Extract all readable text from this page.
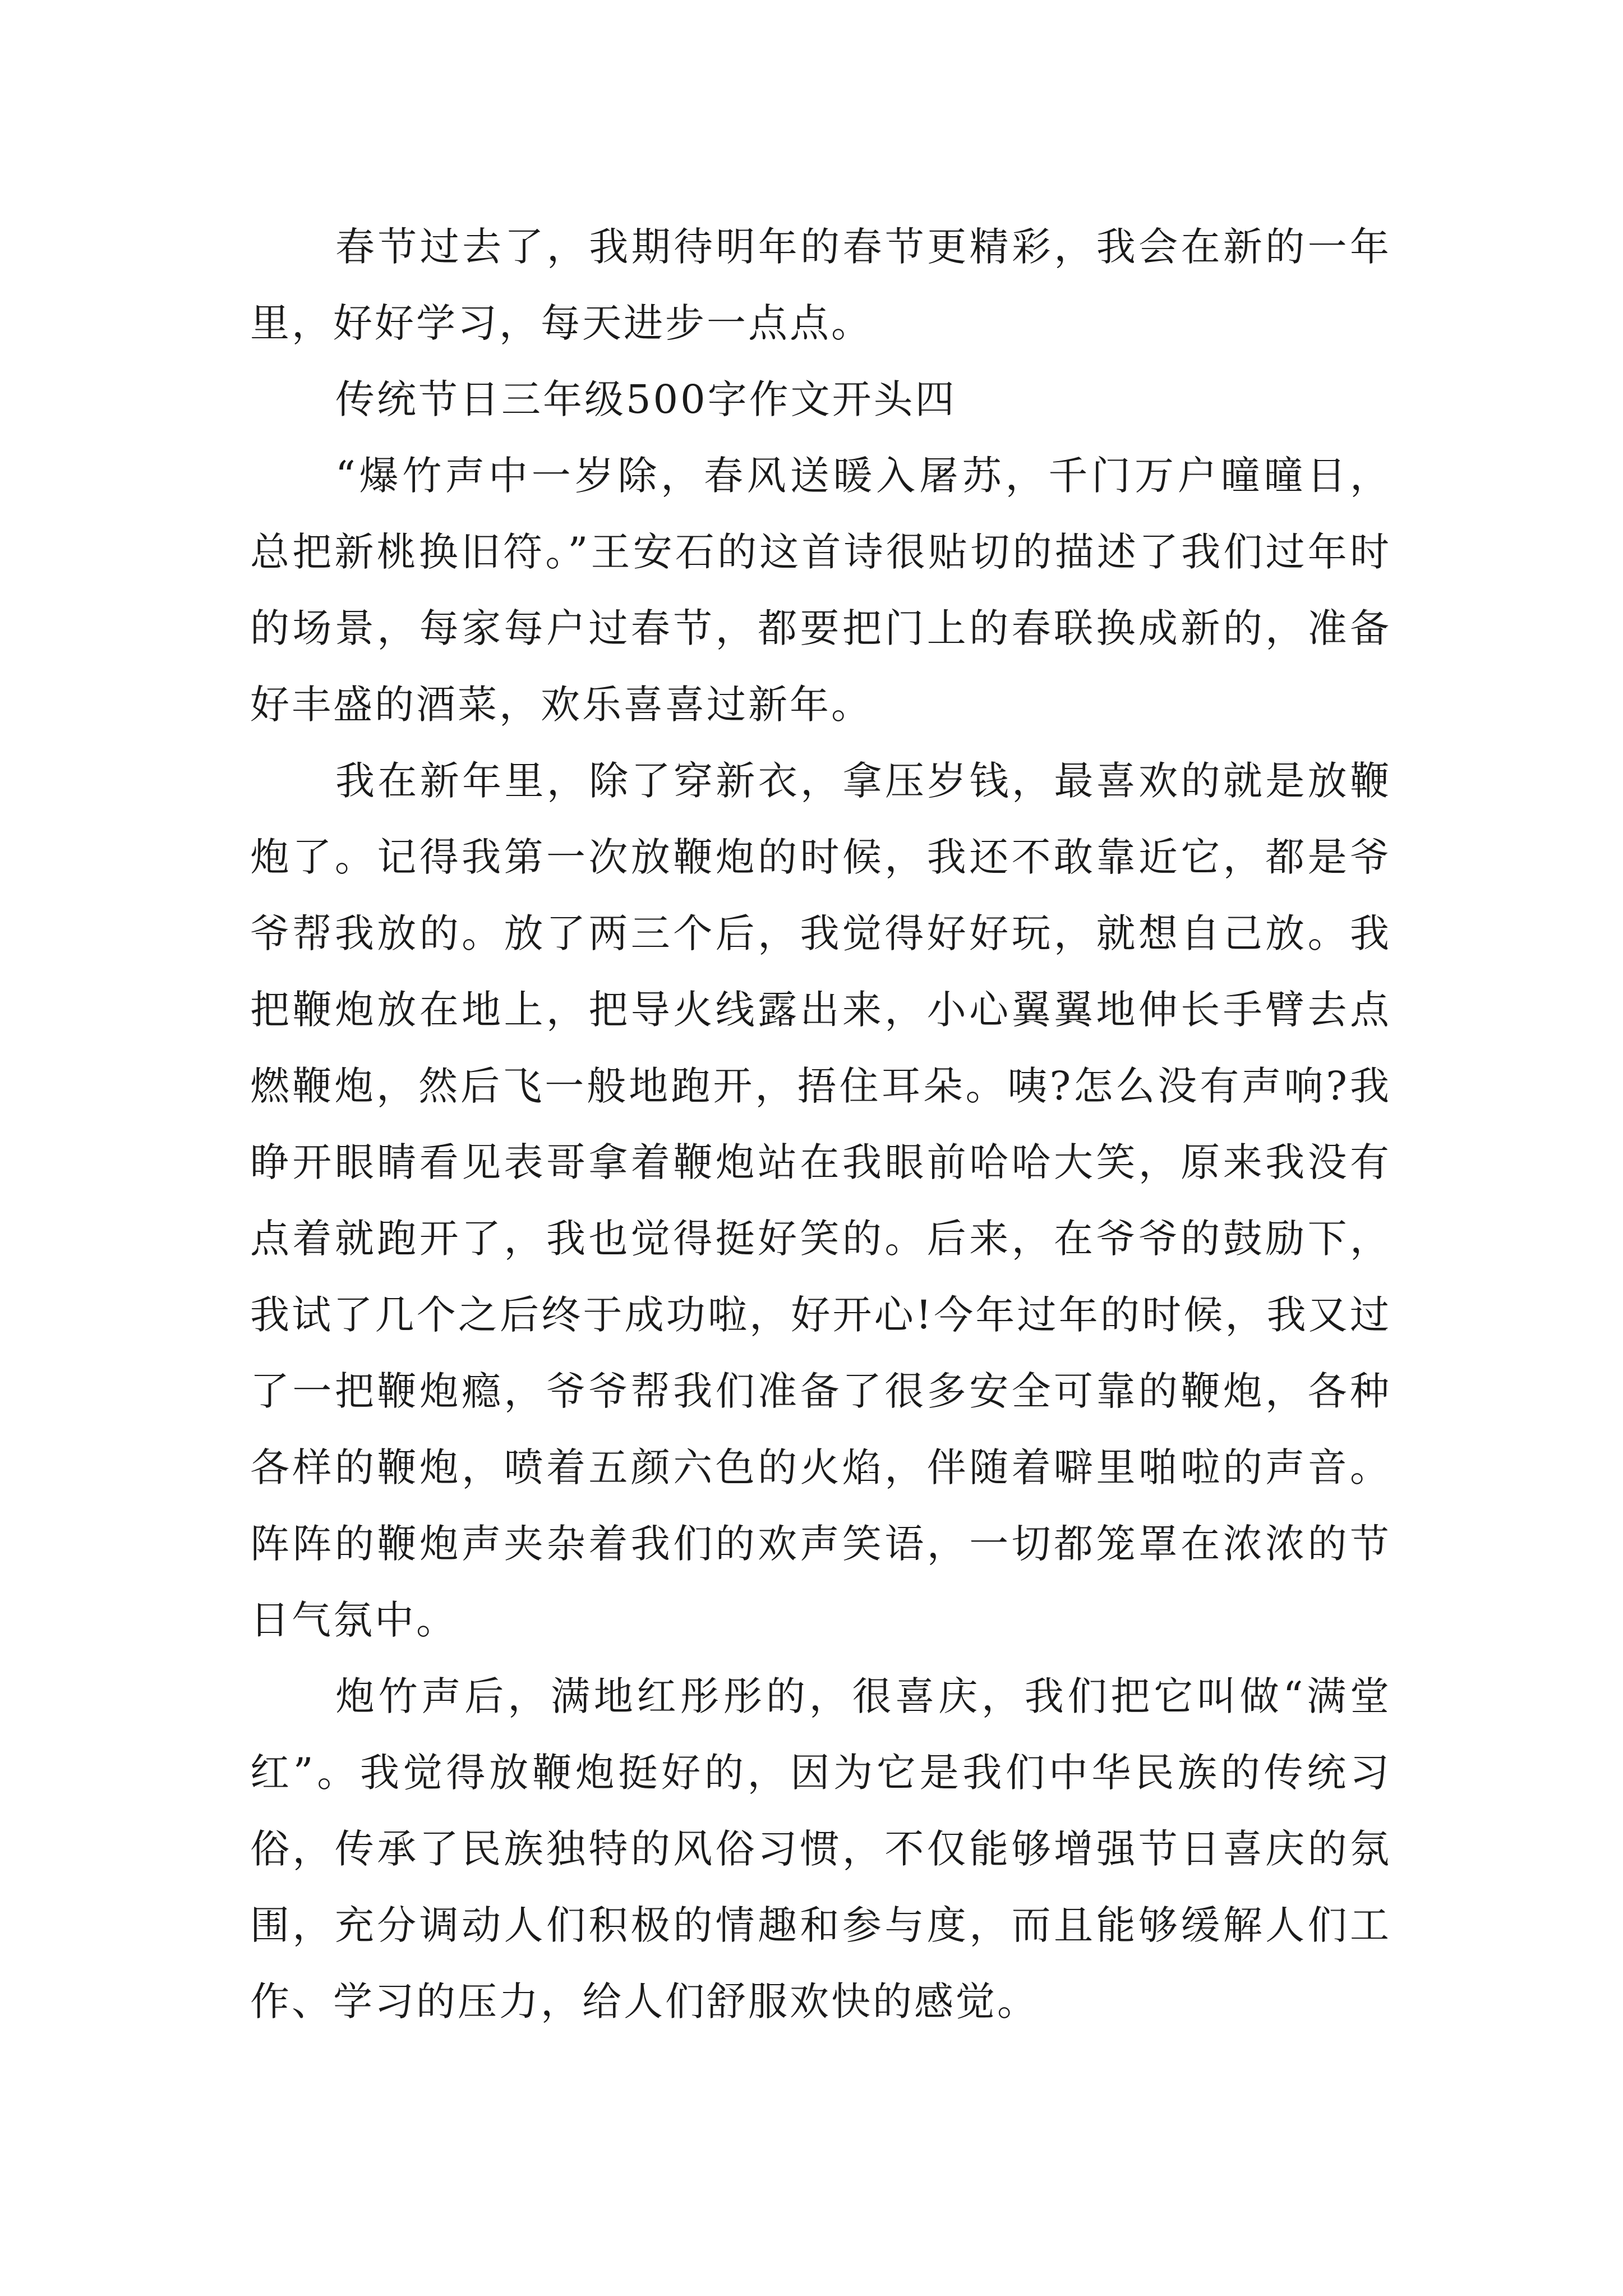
春节过去了，我期待明年的春节更精彩，我会在新的一年里，好好学习，每天进步一点点。

传统节日三年级500字作文开头四

“爆竹声中一岁除，春风送暖入屠苏，千门万户曈曈日，总把新桃换旧符。”王安石的这首诗很贴切的描述了我们过年时的场景，每家每户过春节，都要把门上的春联换成新的，准备好丰盛的酒菜，欢乐喜喜过新年。

我在新年里，除了穿新衣，拿压岁钱，最喜欢的就是放鞭炮了。记得我第一次放鞭炮的时候，我还不敢靠近它，都是爷爷帮我放的。放了两三个后，我觉得好好玩，就想自己放。我把鞭炮放在地上，把导火线露出来，小心翼翼地伸长手臂去点燃鞭炮，然后飞一般地跑开，捂住耳朵。咦?怎么没有声响?我睁开眼睛看见表哥拿着鞭炮站在我眼前哈哈大笑，原来我没有点着就跑开了，我也觉得挺好笑的。后来，在爷爷的鼓励下，我试了几个之后终于成功啦，好开心!今年过年的时候，我又过了一把鞭炮瘾，爷爷帮我们准备了很多安全可靠的鞭炮，各种各样的鞭炮，喷着五颜六色的火焰，伴随着噼里啪啦的声音。阵阵的鞭炮声夹杂着我们的欢声笑语，一切都笼罩在浓浓的节日气氛中。

炮竹声后，满地红彤彤的，很喜庆，我们把它叫做“满堂红”。我觉得放鞭炮挺好的，因为它是我们中华民族的传统习俗，传承了民族独特的风俗习惯，不仅能够增强节日喜庆的氛围，充分调动人们积极的情趣和参与度，而且能够缓解人们工作、学习的压力，给人们舒服欢快的感觉。
